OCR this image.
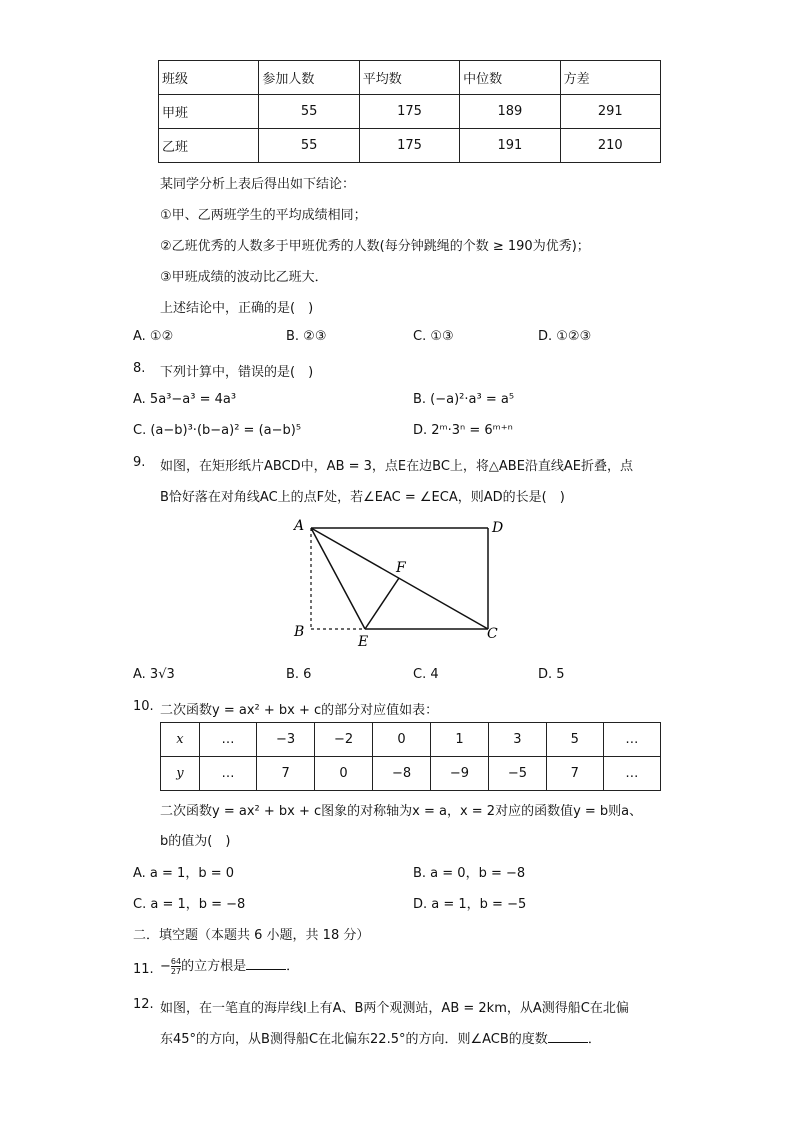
班级	参加人数	平均数	中位数	方差
甲班	55	175	189	291
乙班	55	175	191	210
某同学分析上表后得出如下结论：
①甲、乙两班学生的平均成绩相同；
②乙班优秀的人数多于甲班优秀的人数(每分钟跳绳的个数 ≥ 190为优秀)；
③甲班成绩的波动比乙班大．
上述结论中，正确的是(　)
A. ①②	B. ②③	C. ①③	D. ①②③
8. 下列计算中，错误的是(　)
A. 5a³−a³ = 4a³	B. (−a)²·a³ = a⁵
C. (a−b)³·(b−a)² = (a−b)⁵	D. 2ᵐ·3ⁿ = 6ᵐ⁺ⁿ
9. 如图，在矩形纸片ABCD中，AB = 3，点E在边BC上，将△ABE沿直线AE折叠，点
B恰好落在对角线AC上的点F处，若∠EAC = ∠ECA，则AD的长是(　)
A	D
B
E	C
F
A. 3√3	B. 6	C. 4	D. 5
10. 二次函数y = ax² + bx + c的部分对应值如表：
x	…	−3	−2	0	1	3	5	…
y	…	7	0	−8	−9	−5	7	…
二次函数y = ax² + bx + c图象的对称轴为x = a，x = 2对应的函数值y = b则a、
b的值为(　)
A. a = 1，b = 0	B. a = 0，b = −8
C. a = 1，b = −8	D. a = 1，b = −5
二．填空题（本题共 6 小题，共 18 分）
11. − $\frac{64}{27}$ 的立方根是	．
12. 如图，在一笔直的海岸线l上有A、B两个观测站，AB = 2km，从A测得船C在北偏
东45°的方向，从B测得船C在北偏东22.5°的方向．则∠ACB的度数	．
